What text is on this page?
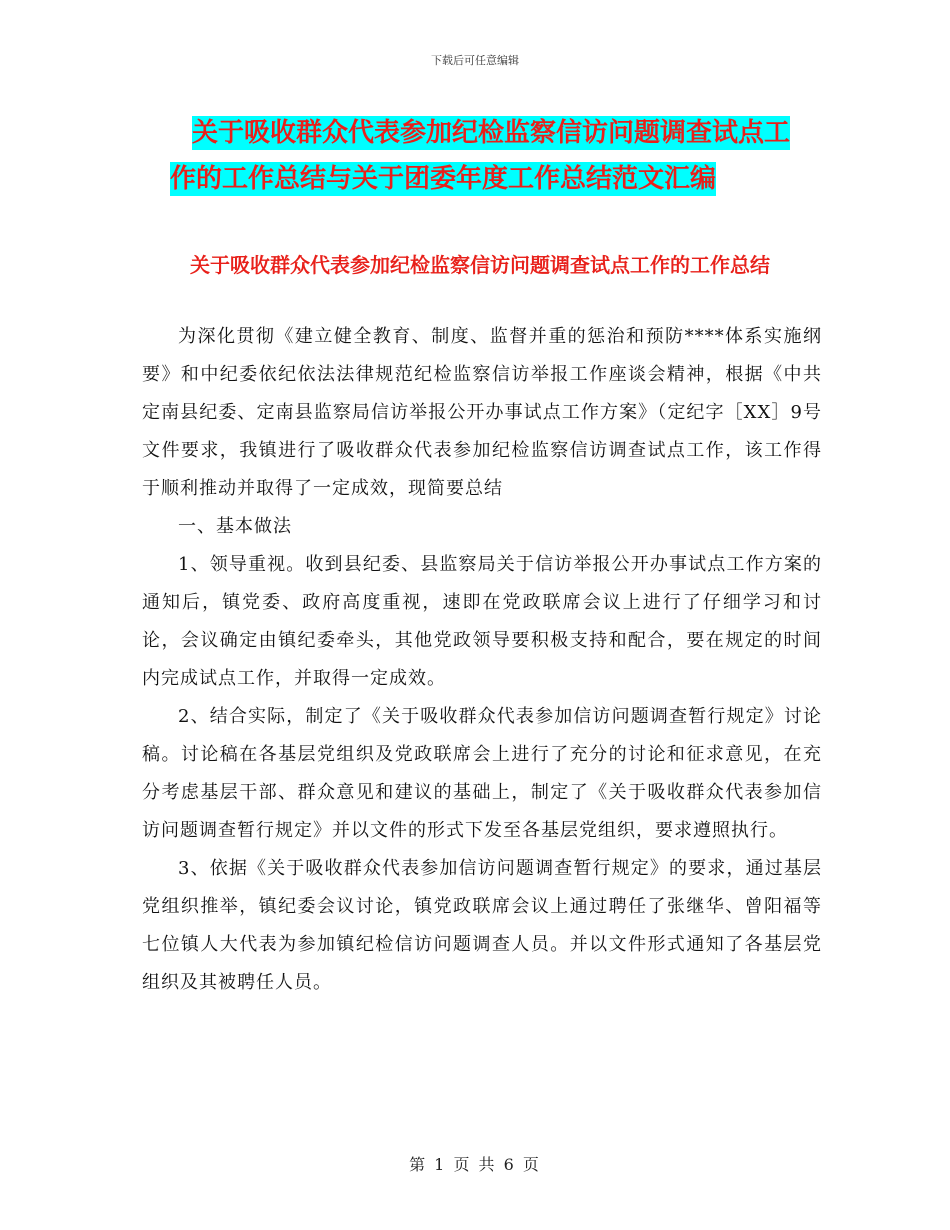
下载后可任意编辑
关于吸收群众代表参加纪检监察信访问题调查试点工
作的工作总结与关于团委年度工作总结范文汇编
关于吸收群众代表参加纪检监察信访问题调查试点工作的工作总结

为深化贯彻《建立健全教育、制度、监督并重的惩治和预防****体系实施纲要》和中纪委依纪依法法律规范纪检监察信访举报工作座谈会精神，根据《中共定南县纪委、定南县监察局信访举报公开办事试点工作方案》（定纪字［XX］9号文件要求，我镇进行了吸收群众代表参加纪检监察信访调查试点工作，该工作得于顺利推动并取得了一定成效，现简要总结

一、基本做法

1、领导重视。收到县纪委、县监察局关于信访举报公开办事试点工作方案的通知后，镇党委、政府高度重视，速即在党政联席会议上进行了仔细学习和讨论，会议确定由镇纪委牵头，其他党政领导要积极支持和配合，要在规定的时间内完成试点工作，并取得一定成效。

2、结合实际，制定了《关于吸收群众代表参加信访问题调查暂行规定》讨论稿。讨论稿在各基层党组织及党政联席会上进行了充分的讨论和征求意见，在充分考虑基层干部、群众意见和建议的基础上，制定了《关于吸收群众代表参加信访问题调查暂行规定》并以文件的形式下发至各基层党组织，要求遵照执行。

3、依据《关于吸收群众代表参加信访问题调查暂行规定》的要求，通过基层党组织推举，镇纪委会议讨论，镇党政联席会议上通过聘任了张继华、曾阳福等七位镇人大代表为参加镇纪检信访问题调查人员。并以文件形式通知了各基层党组织及其被聘任人员。

第 1 页 共 6 页
